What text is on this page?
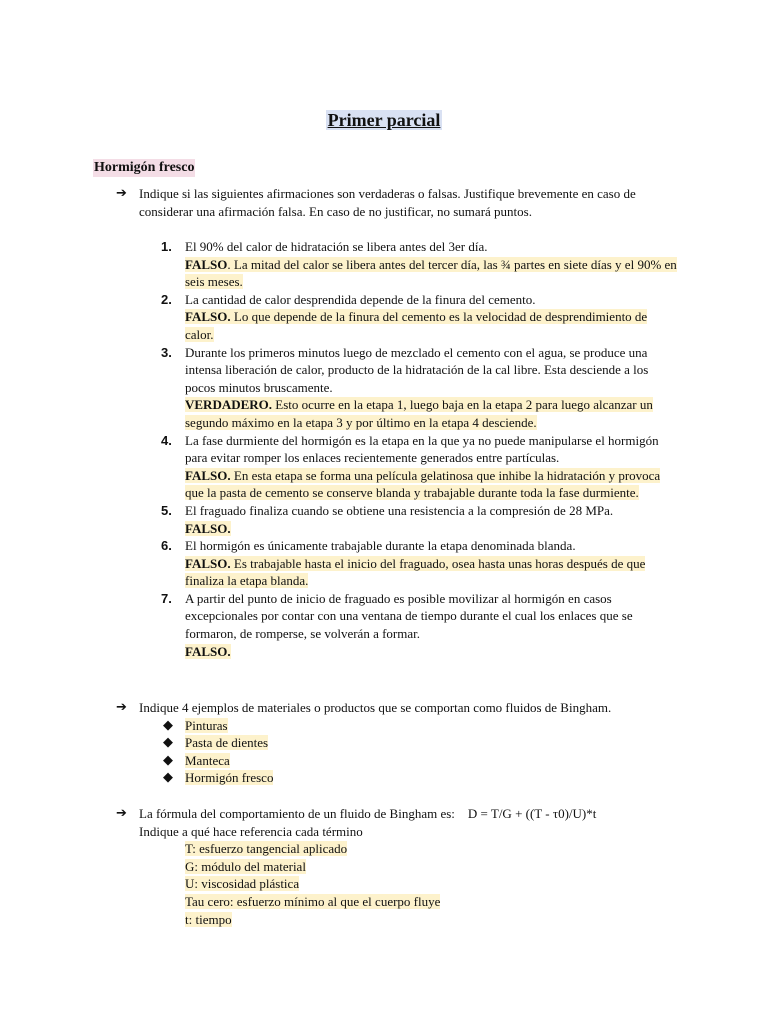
Primer parcial
Hormigón fresco
➔ Indique si las siguientes afirmaciones son verdaderas o falsas. Justifique brevemente en caso de considerar una afirmación falsa. En caso de no justificar, no sumará puntos.
1. El 90% del calor de hidratación se libera antes del 3er día.
FALSO. La mitad del calor se libera antes del tercer día, las ¾ partes en siete días y el 90% en seis meses.
2. La cantidad de calor desprendida depende de la finura del cemento.
FALSO. Lo que depende de la finura del cemento es la velocidad de desprendimiento de calor.
3. Durante los primeros minutos luego de mezclado el cemento con el agua, se produce una intensa liberación de calor, producto de la hidratación de la cal libre. Esta desciende a los pocos minutos bruscamente.
VERDADERO. Esto ocurre en la etapa 1, luego baja en la etapa 2 para luego alcanzar un segundo máximo en la etapa 3 y por último en la etapa 4 desciende.
4. La fase durmiente del hormigón es la etapa en la que ya no puede manipularse el hormigón para evitar romper los enlaces recientemente generados entre partículas.
FALSO. En esta etapa se forma una película gelatinosa que inhibe la hidratación y provoca que la pasta de cemento se conserve blanda y trabajable durante toda la fase durmiente.
5. El fraguado finaliza cuando se obtiene una resistencia a la compresión de 28 MPa.
FALSO.
6. El hormigón es únicamente trabajable durante la etapa denominada blanda.
FALSO. Es trabajable hasta el inicio del fraguado, osea hasta unas horas después de que finaliza la etapa blanda.
7. A partir del punto de inicio de fraguado es posible movilizar al hormigón en casos excepcionales por contar con una ventana de tiempo durante el cual los enlaces que se formaron, de romperse, se volverán a formar.
FALSO.
➔ Indique 4 ejemplos de materiales o productos que se comportan como fluidos de Bingham.
◆ Pinturas
◆ Pasta de dientes
◆ Manteca
◆ Hormigón fresco
➔ La fórmula del comportamiento de un fluido de Bingham es:    D = T/G + ((T - τ0)/U)*t
Indique a qué hace referencia cada término
T: esfuerzo tangencial aplicado
G: módulo del material
U: viscosidad plástica
Tau cero: esfuerzo mínimo al que el cuerpo fluye
t: tiempo
